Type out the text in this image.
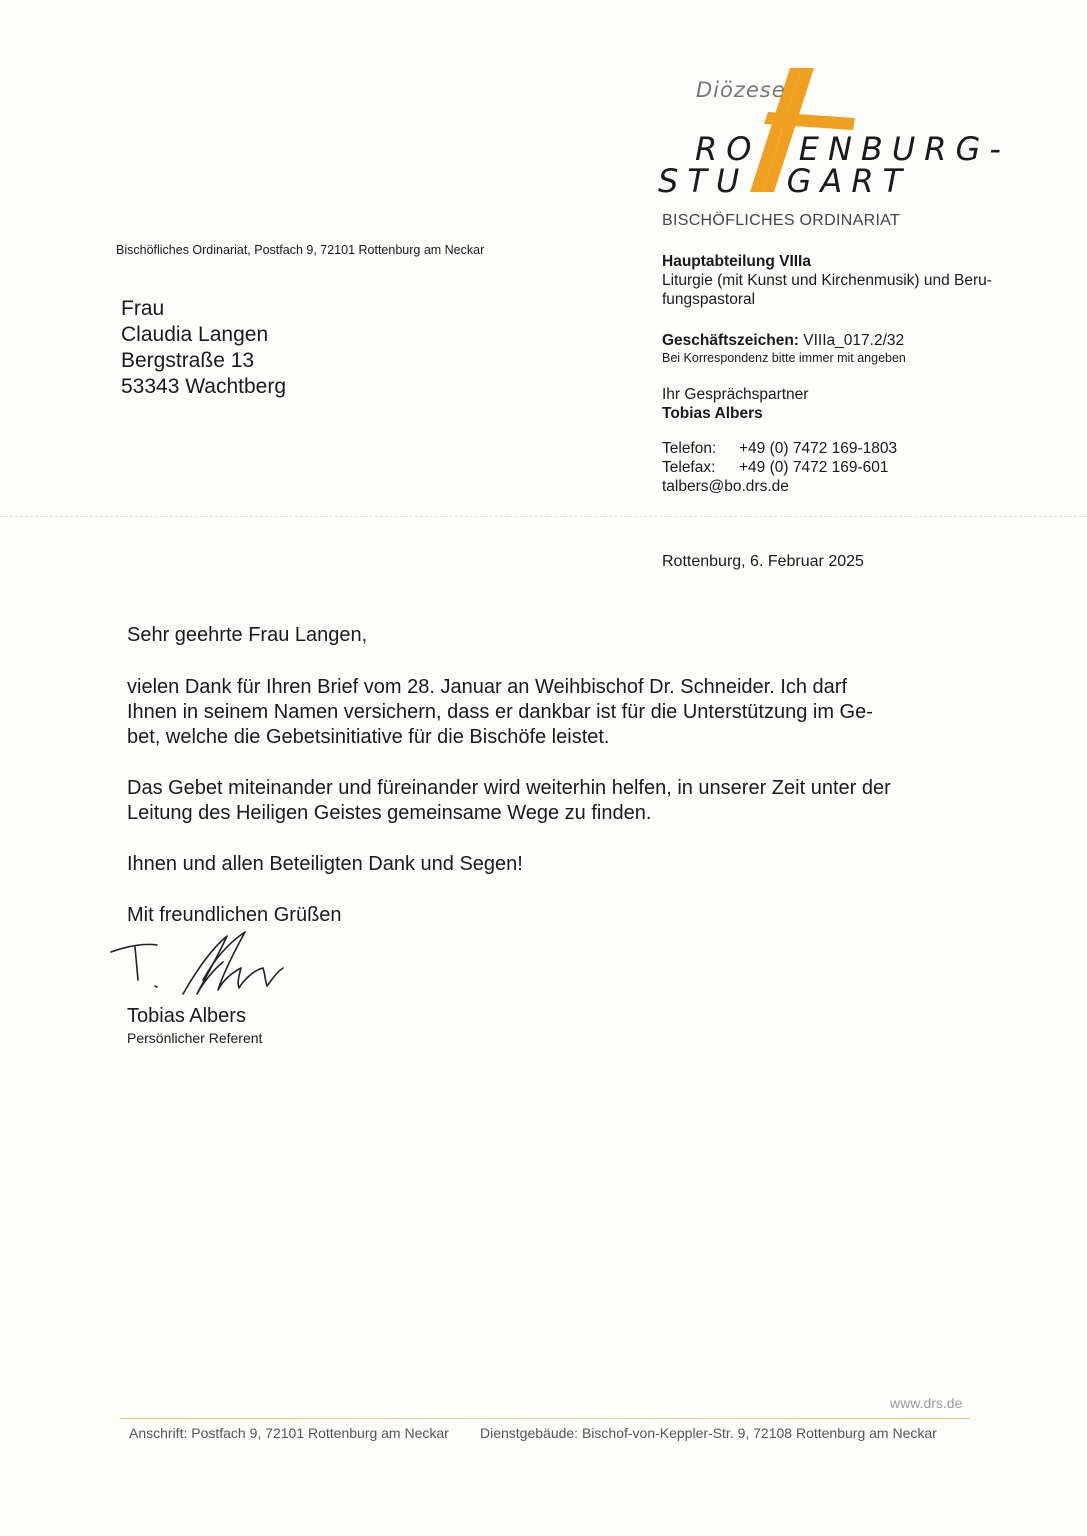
Diözese
RO  ENBURG-
STU  GART
BISCHÖFLICHES ORDINARIAT
Bischöfliches Ordinariat, Postfach 9, 72101 Rottenburg am Neckar
Frau
Claudia Langen
Bergstraße 13
53343 Wachtberg
Hauptabteilung VIIIa
Liturgie (mit Kunst und Kirchenmusik) und Beru-
fungspastoral
Geschäftszeichen: VIIIa_017.2/32
Bei Korrespondenz bitte immer mit angeben
Ihr Gesprächspartner
Tobias Albers
Telefon: +49 (0) 7472 169-1803
Telefax: +49 (0) 7472 169-601
talbers@bo.drs.de
Rottenburg, 6. Februar 2025
Sehr geehrte Frau Langen,
vielen Dank für Ihren Brief vom 28. Januar an Weihbischof Dr. Schneider. Ich darf
Ihnen in seinem Namen versichern, dass er dankbar ist für die Unterstützung im Ge-
bet, welche die Gebetsinitiative für die Bischöfe leistet.
Das Gebet miteinander und füreinander wird weiterhin helfen, in unserer Zeit unter der
Leitung des Heiligen Geistes gemeinsame Wege zu finden.
Ihnen und allen Beteiligten Dank und Segen!
Mit freundlichen Grüßen
Tobias Albers
Persönlicher Referent
www.drs.de
Anschrift: Postfach 9, 72101 Rottenburg am Neckar Dienstgebäude: Bischof-von-Keppler-Str. 9, 72108 Rottenburg am Neckar
